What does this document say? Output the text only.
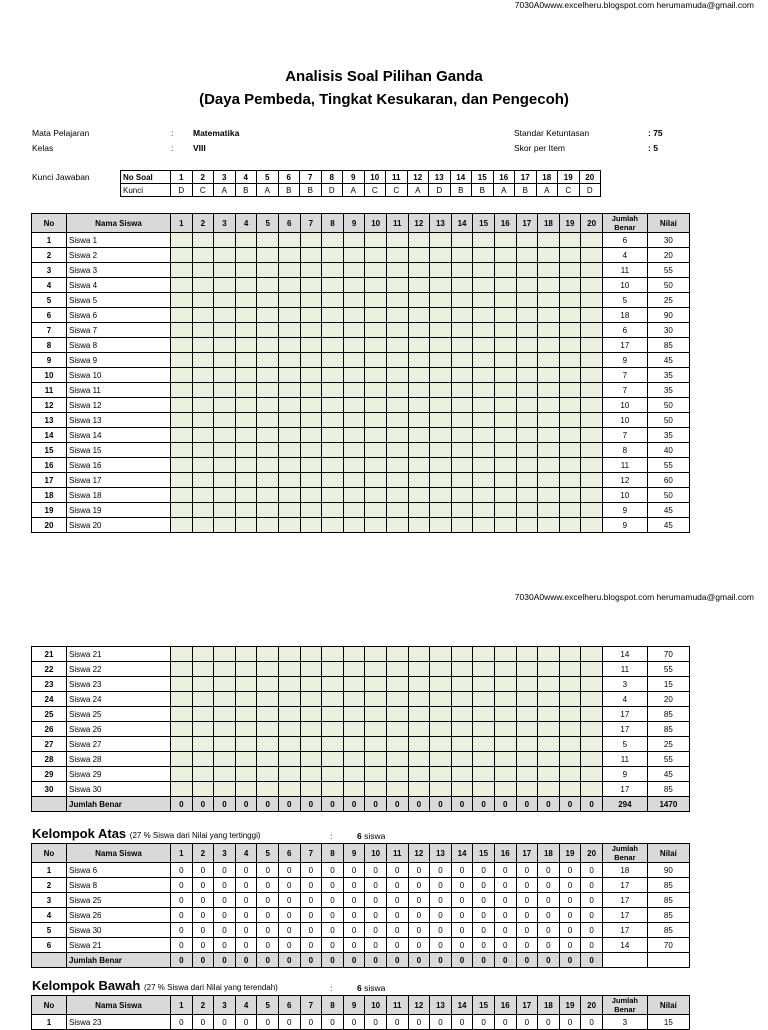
7030A0www.excelheru.blogspot.com herumamuda@gmail.com
Analisis Soal Pilihan Ganda
(Daya Pembeda, Tingkat Kesukaran, dan Pengecoh)
Mata Pelajaran	: Matematika
Kelas	: VIII
Standar Ketuntasan	: 75
Skor per Item	: 5
Kunci Jawaban	No Soal	1	2	3	4	5	6	7	8	9	10	11	12	13	14	15	16	17	18	19	20
Kunci	D	C	A	B	A	B	B	D	A	C	C	A	D	B	B	A	B	A	C	D
No	Nama Siswa	1	2	3	4	5	6	7	8	9	10	11	12	13	14	15	16	17	18	19	20	Jumlah Benar	Nilai
1	Siswa 1																					6	30
2	Siswa 2																					4	20
3	Siswa 3																					11	55
4	Siswa 4																					10	50
5	Siswa 5																					5	25
6	Siswa 6																					18	90
7	Siswa 7																					6	30
8	Siswa 8																					17	85
9	Siswa 9																					9	45
10	Siswa 10																					7	35
11	Siswa 11																					7	35
12	Siswa 12																					10	50
13	Siswa 13																					10	50
14	Siswa 14																					7	35
15	Siswa 15																					8	40
16	Siswa 16																					11	55
17	Siswa 17																					12	60
18	Siswa 18																					10	50
19	Siswa 19																					9	45
20	Siswa 20																					9	45
7030A0www.excelheru.blogspot.com herumamuda@gmail.com
21	Siswa 21																					14	70
22	Siswa 22																					11	55
23	Siswa 23																					3	15
24	Siswa 24																					4	20
25	Siswa 25																					17	85
26	Siswa 26																					17	85
27	Siswa 27																					5	25
28	Siswa 28																					11	55
29	Siswa 29																					9	45
30	Siswa 30																					17	85
	Jumlah Benar	0	0	0	0	0	0	0	0	0	0	0	0	0	0	0	0	0	0	0	0	294	1470
Kelompok Atas (27 % Siswa dari Nilai yang tertinggi)	:	6 siswa
No	Nama Siswa	1	2	3	4	5	6	7	8	9	10	11	12	13	14	15	16	17	18	19	20	Jumlah Benar	Nilai
1	Siswa 6	0	0	0	0	0	0	0	0	0	0	0	0	0	0	0	0	0	0	0	0	18	90
2	Siswa 8	0	0	0	0	0	0	0	0	0	0	0	0	0	0	0	0	0	0	0	0	17	85
3	Siswa 25	0	0	0	0	0	0	0	0	0	0	0	0	0	0	0	0	0	0	0	0	17	85
4	Siswa 26	0	0	0	0	0	0	0	0	0	0	0	0	0	0	0	0	0	0	0	0	17	85
5	Siswa 30	0	0	0	0	0	0	0	0	0	0	0	0	0	0	0	0	0	0	0	0	17	85
6	Siswa 21	0	0	0	0	0	0	0	0	0	0	0	0	0	0	0	0	0	0	0	0	14	70
	Jumlah Benar	0	0	0	0	0	0	0	0	0	0	0	0	0	0	0	0	0	0	0	0		
Kelompok Bawah (27 % Siswa dari Nilai yang terendah)	:	6 siswa
No	Nama Siswa	1	2	3	4	5	6	7	8	9	10	11	12	13	14	15	16	17	18	19	20	Jumlah Benar	Nilai
1	Siswa 23	0	0	0	0	0	0	0	0	0	0	0	0	0	0	0	0	0	0	0	0	3	15
